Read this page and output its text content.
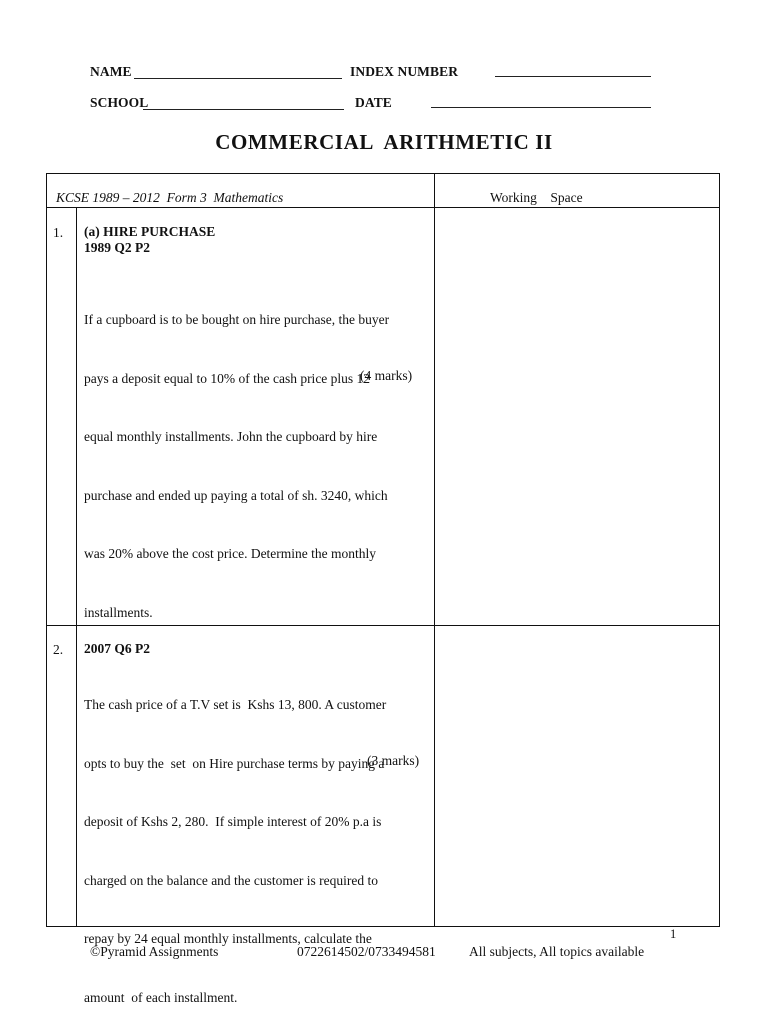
NAME	INDEX NUMBER
SCHOOL	DATE
COMMERCIAL  ARITHMETIC II
KCSE 1989 – 2012  Form 3  Mathematics	Working    Space
1. (a) HIRE PURCHASE
1989 Q2 P2

If a cupboard is to be bought on hire purchase, the buyer

pays a deposit equal to 10% of the cash price plus 12

equal monthly installments. John the cupboard by hire

purchase and ended up paying a total of sh. 3240, which

was 20% above the cost price. Determine the monthly

installments.

(4 marks)
2. 2007 Q6 P2

The cash price of a T.V set is  Kshs 13, 800. A customer

opts to buy the  set  on Hire purchase terms by paying a

deposit of Kshs 2, 280.  If simple interest of 20% p.a is

charged on the balance and the customer is required to

repay by 24 equal monthly installments, calculate the

amount  of each installment.

(3 marks)
1
©Pyramid Assignments	0722614502/0733494581 All subjects, All topics available
